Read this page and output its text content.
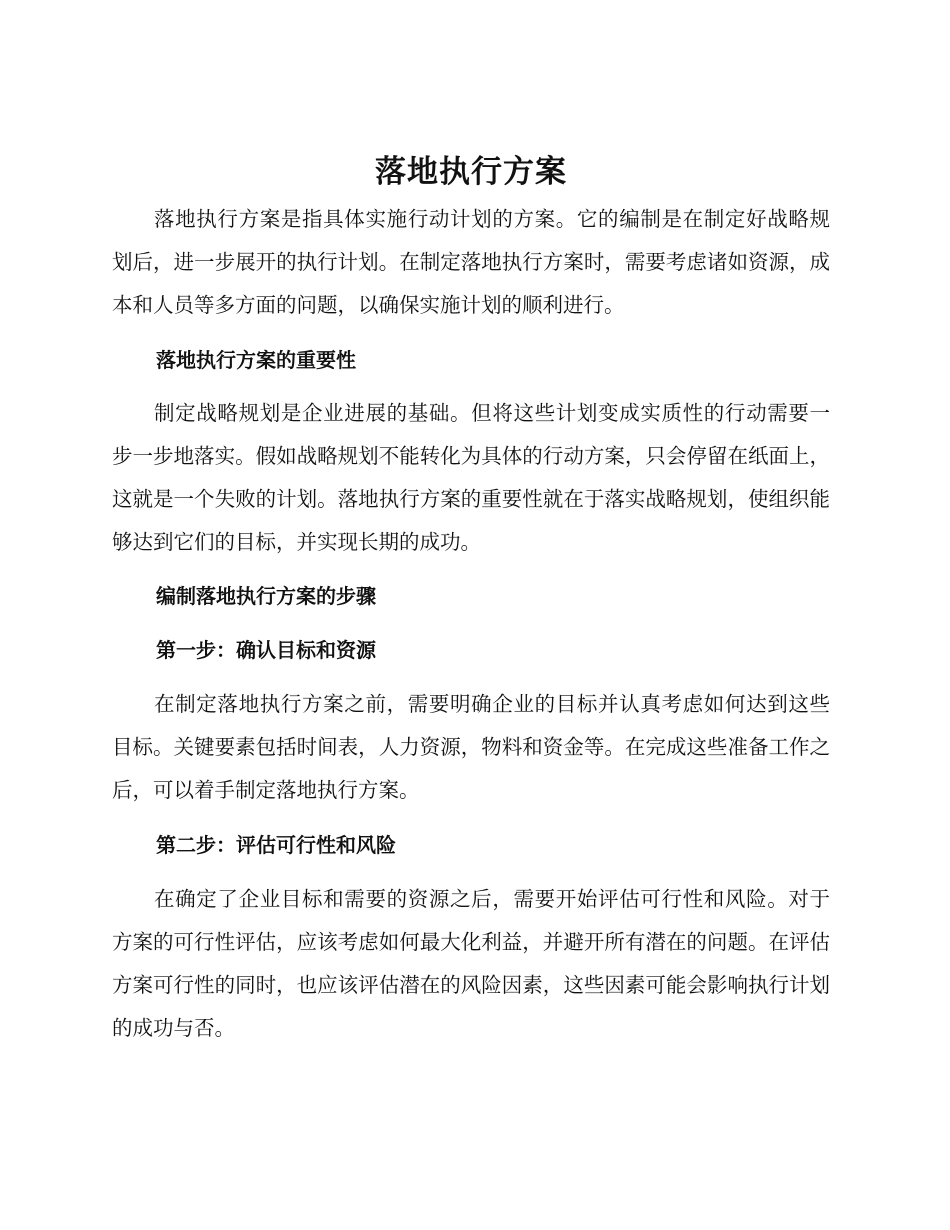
落地执行方案

落地执行方案是指具体实施行动计划的方案。它的编制是在制定好战略规划后，进一步展开的执行计划。在制定落地执行方案时，需要考虑诸如资源，成本和人员等多方面的问题，以确保实施计划的顺利进行。

落地执行方案的重要性

制定战略规划是企业进展的基础。但将这些计划变成实质性的行动需要一步一步地落实。假如战略规划不能转化为具体的行动方案，只会停留在纸面上，这就是一个失败的计划。落地执行方案的重要性就在于落实战略规划，使组织能够达到它们的目标，并实现长期的成功。

编制落地执行方案的步骤
第一步：确认目标和资源

在制定落地执行方案之前，需要明确企业的目标并认真考虑如何达到这些目标。关键要素包括时间表，人力资源，物料和资金等。在完成这些准备工作之后，可以着手制定落地执行方案。

第二步：评估可行性和风险

在确定了企业目标和需要的资源之后，需要开始评估可行性和风险。对于方案的可行性评估，应该考虑如何最大化利益，并避开所有潜在的问题。在评估方案可行性的同时，也应该评估潜在的风险因素，这些因素可能会影响执行计划的成功与否。
